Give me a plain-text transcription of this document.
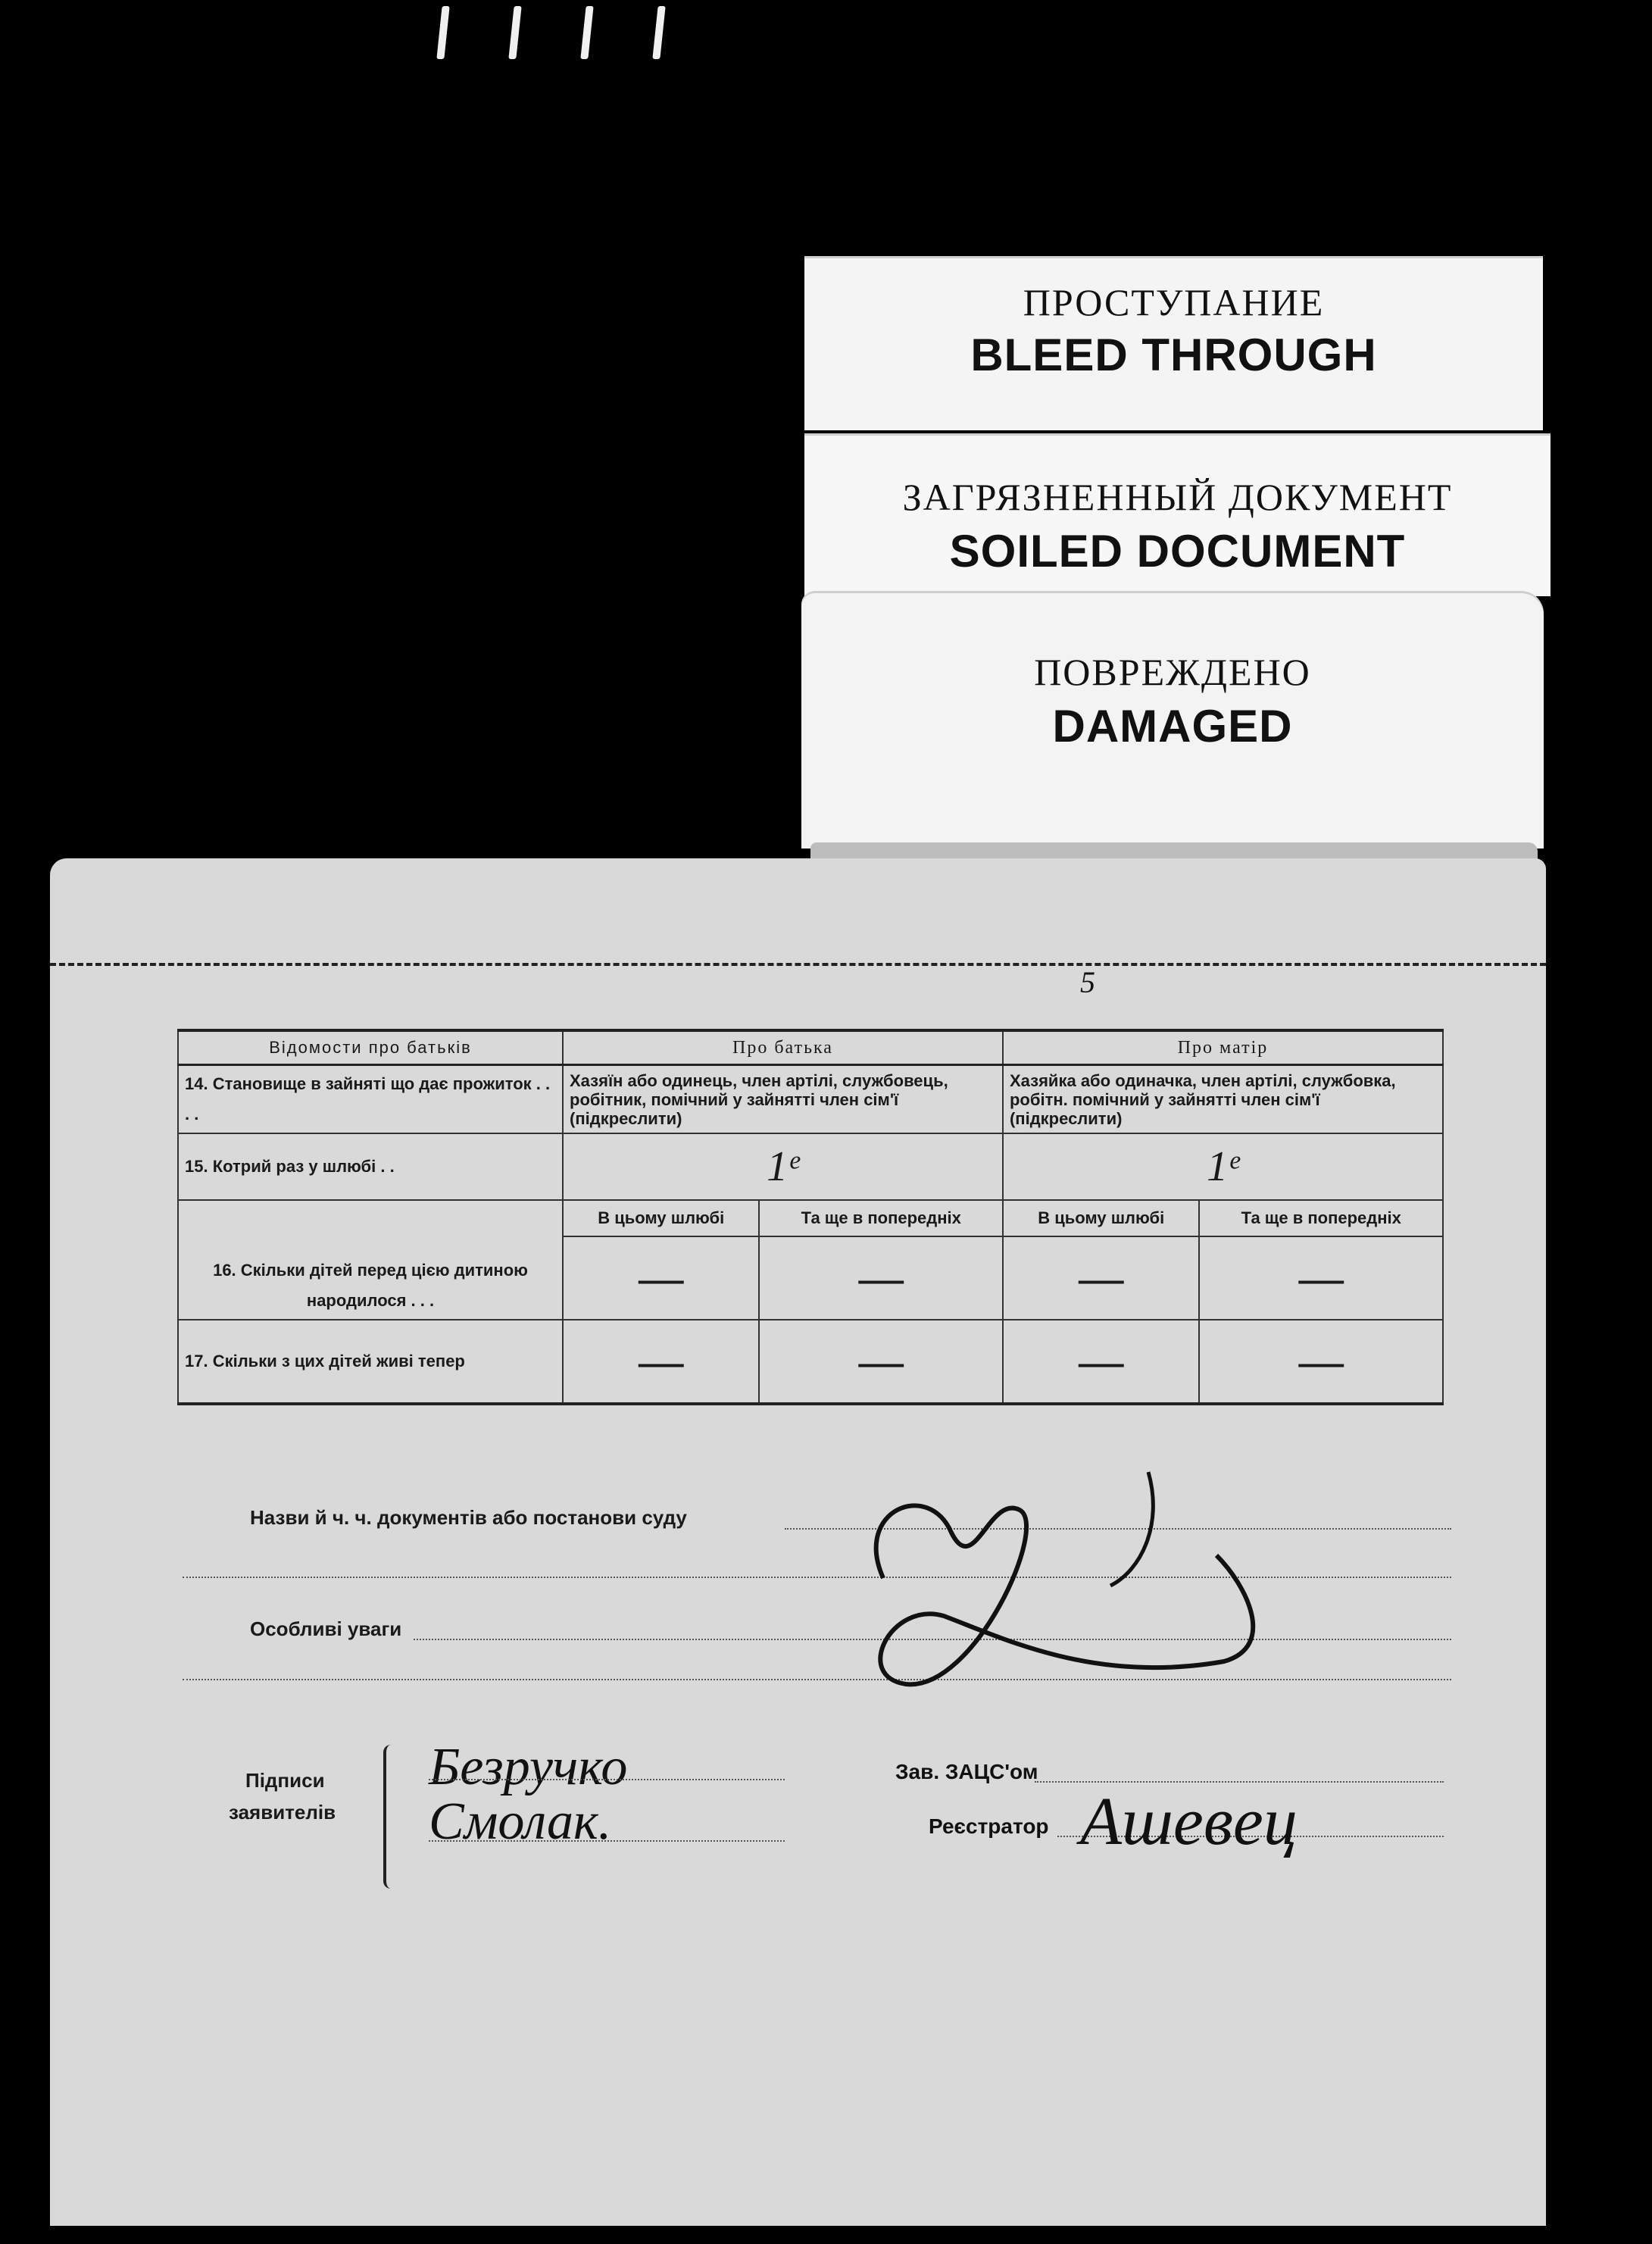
ПРОСТУПАНИЕ
BLEED THROUGH
ЗАГРЯЗНЕННЫЙ ДОКУМЕНТ
SOILED DOCUMENT
ПОВРЕЖДЕНО
DAMAGED
5
Відомости про батьків	Про батька		Про матір	
14. Становище в зайняті що дає прожиток . . . .	Хазяїн або одинець, член артілі, службовець, робітник, помічний у зайнятті член сім'ї (підкреслити)		Хазяйка або одиначка, член артілі, службовка, робітн. помічний у зайнятті член сім'ї (підкреслити)	
15. Котрий раз у шлюбі . .	1ᵉ		1ᵉ	
16. Скільки дітей перед цією дитиною народилося . . .	В цьому шлюбі	Та ще в попередніх	В цьому шлюбі	Та ще в попередніх
	—	—	—	—
17. Скільки з цих дітей живі тепер	—	—	—	—
Назви й ч. ч. документів або постанови суду
Особливі уваги
Підписи
заявителів
Безручко
Смолак.
Зав. ЗАЦС'ом
Реєстратор Ашевец
